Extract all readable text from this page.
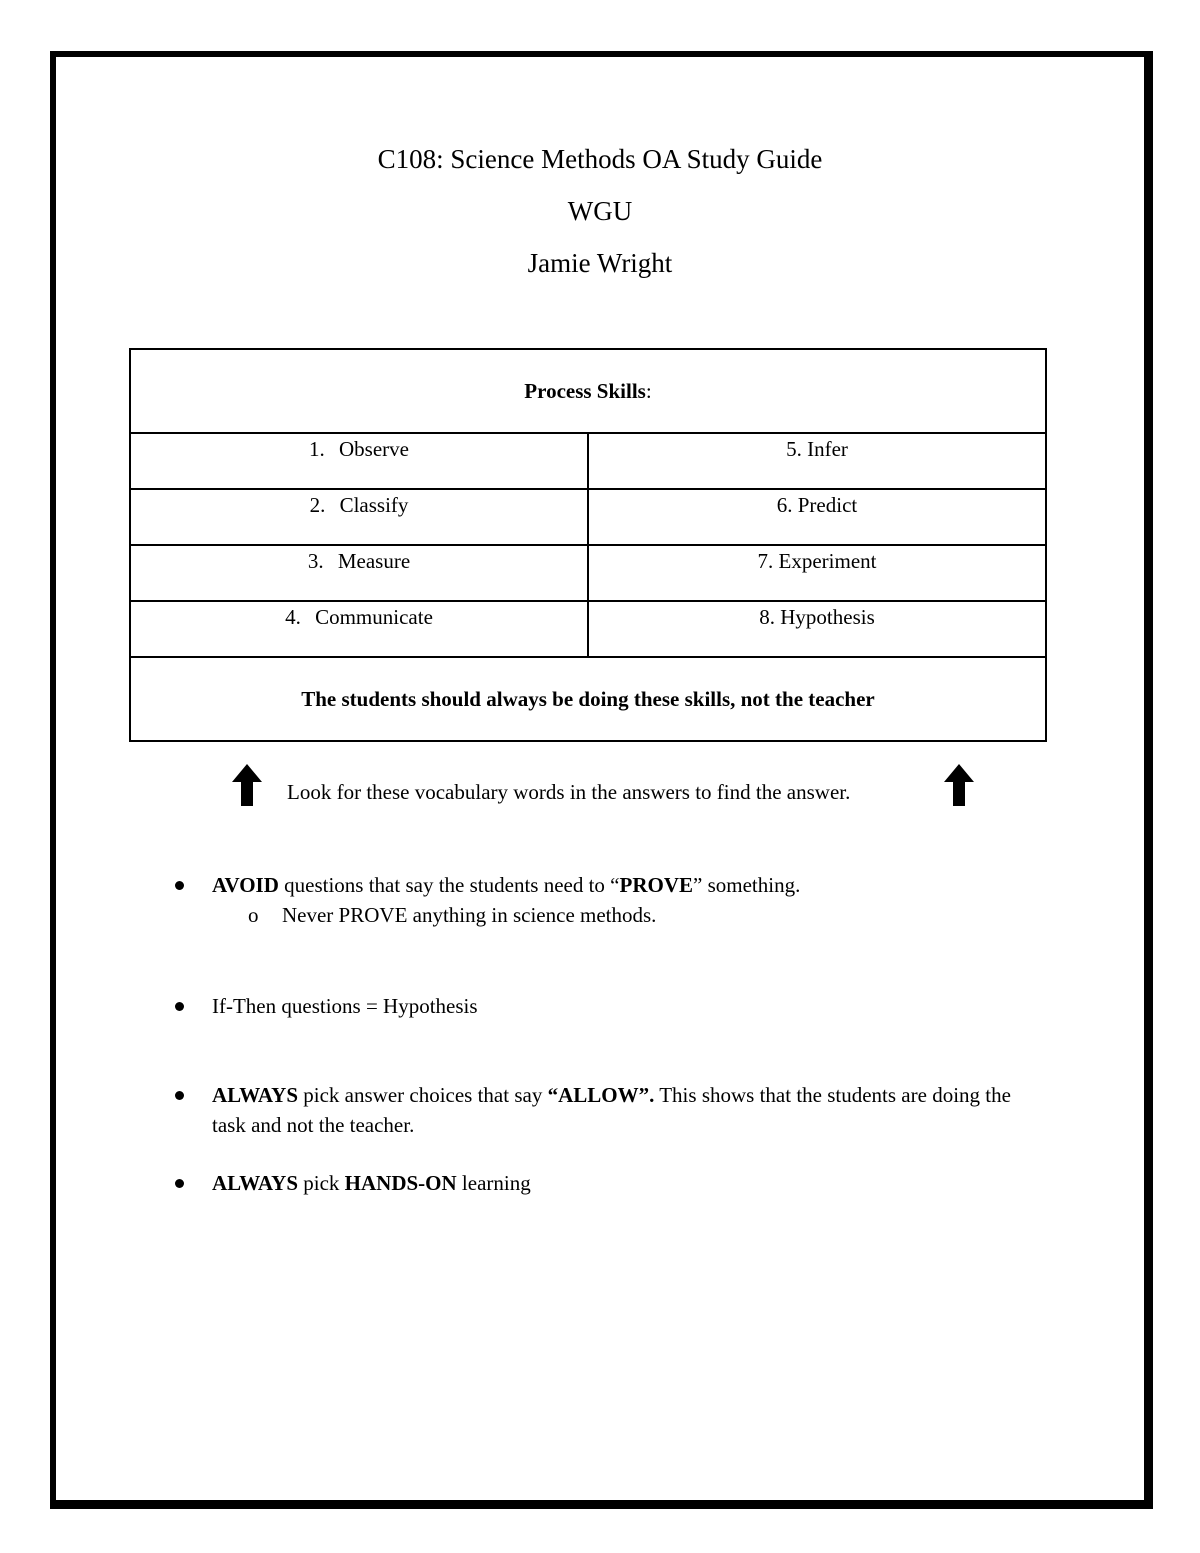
C108: Science Methods OA Study Guide
WGU
Jamie Wright
Process Skills:	
1. Observe	5. Infer
2. Classify	6. Predict
3. Measure	7. Experiment
4. Communicate	8. Hypothesis
The students should always be doing these skills, not the teacher	
Look for these vocabulary words in the answers to find the answer.
AVOID questions that say the students need to “PROVE” something.
o Never PROVE anything in science methods.
If-Then questions = Hypothesis
ALWAYS pick answer choices that say “ALLOW”. This shows that the students are doing the task and not the teacher.
ALWAYS pick HANDS-ON learning
